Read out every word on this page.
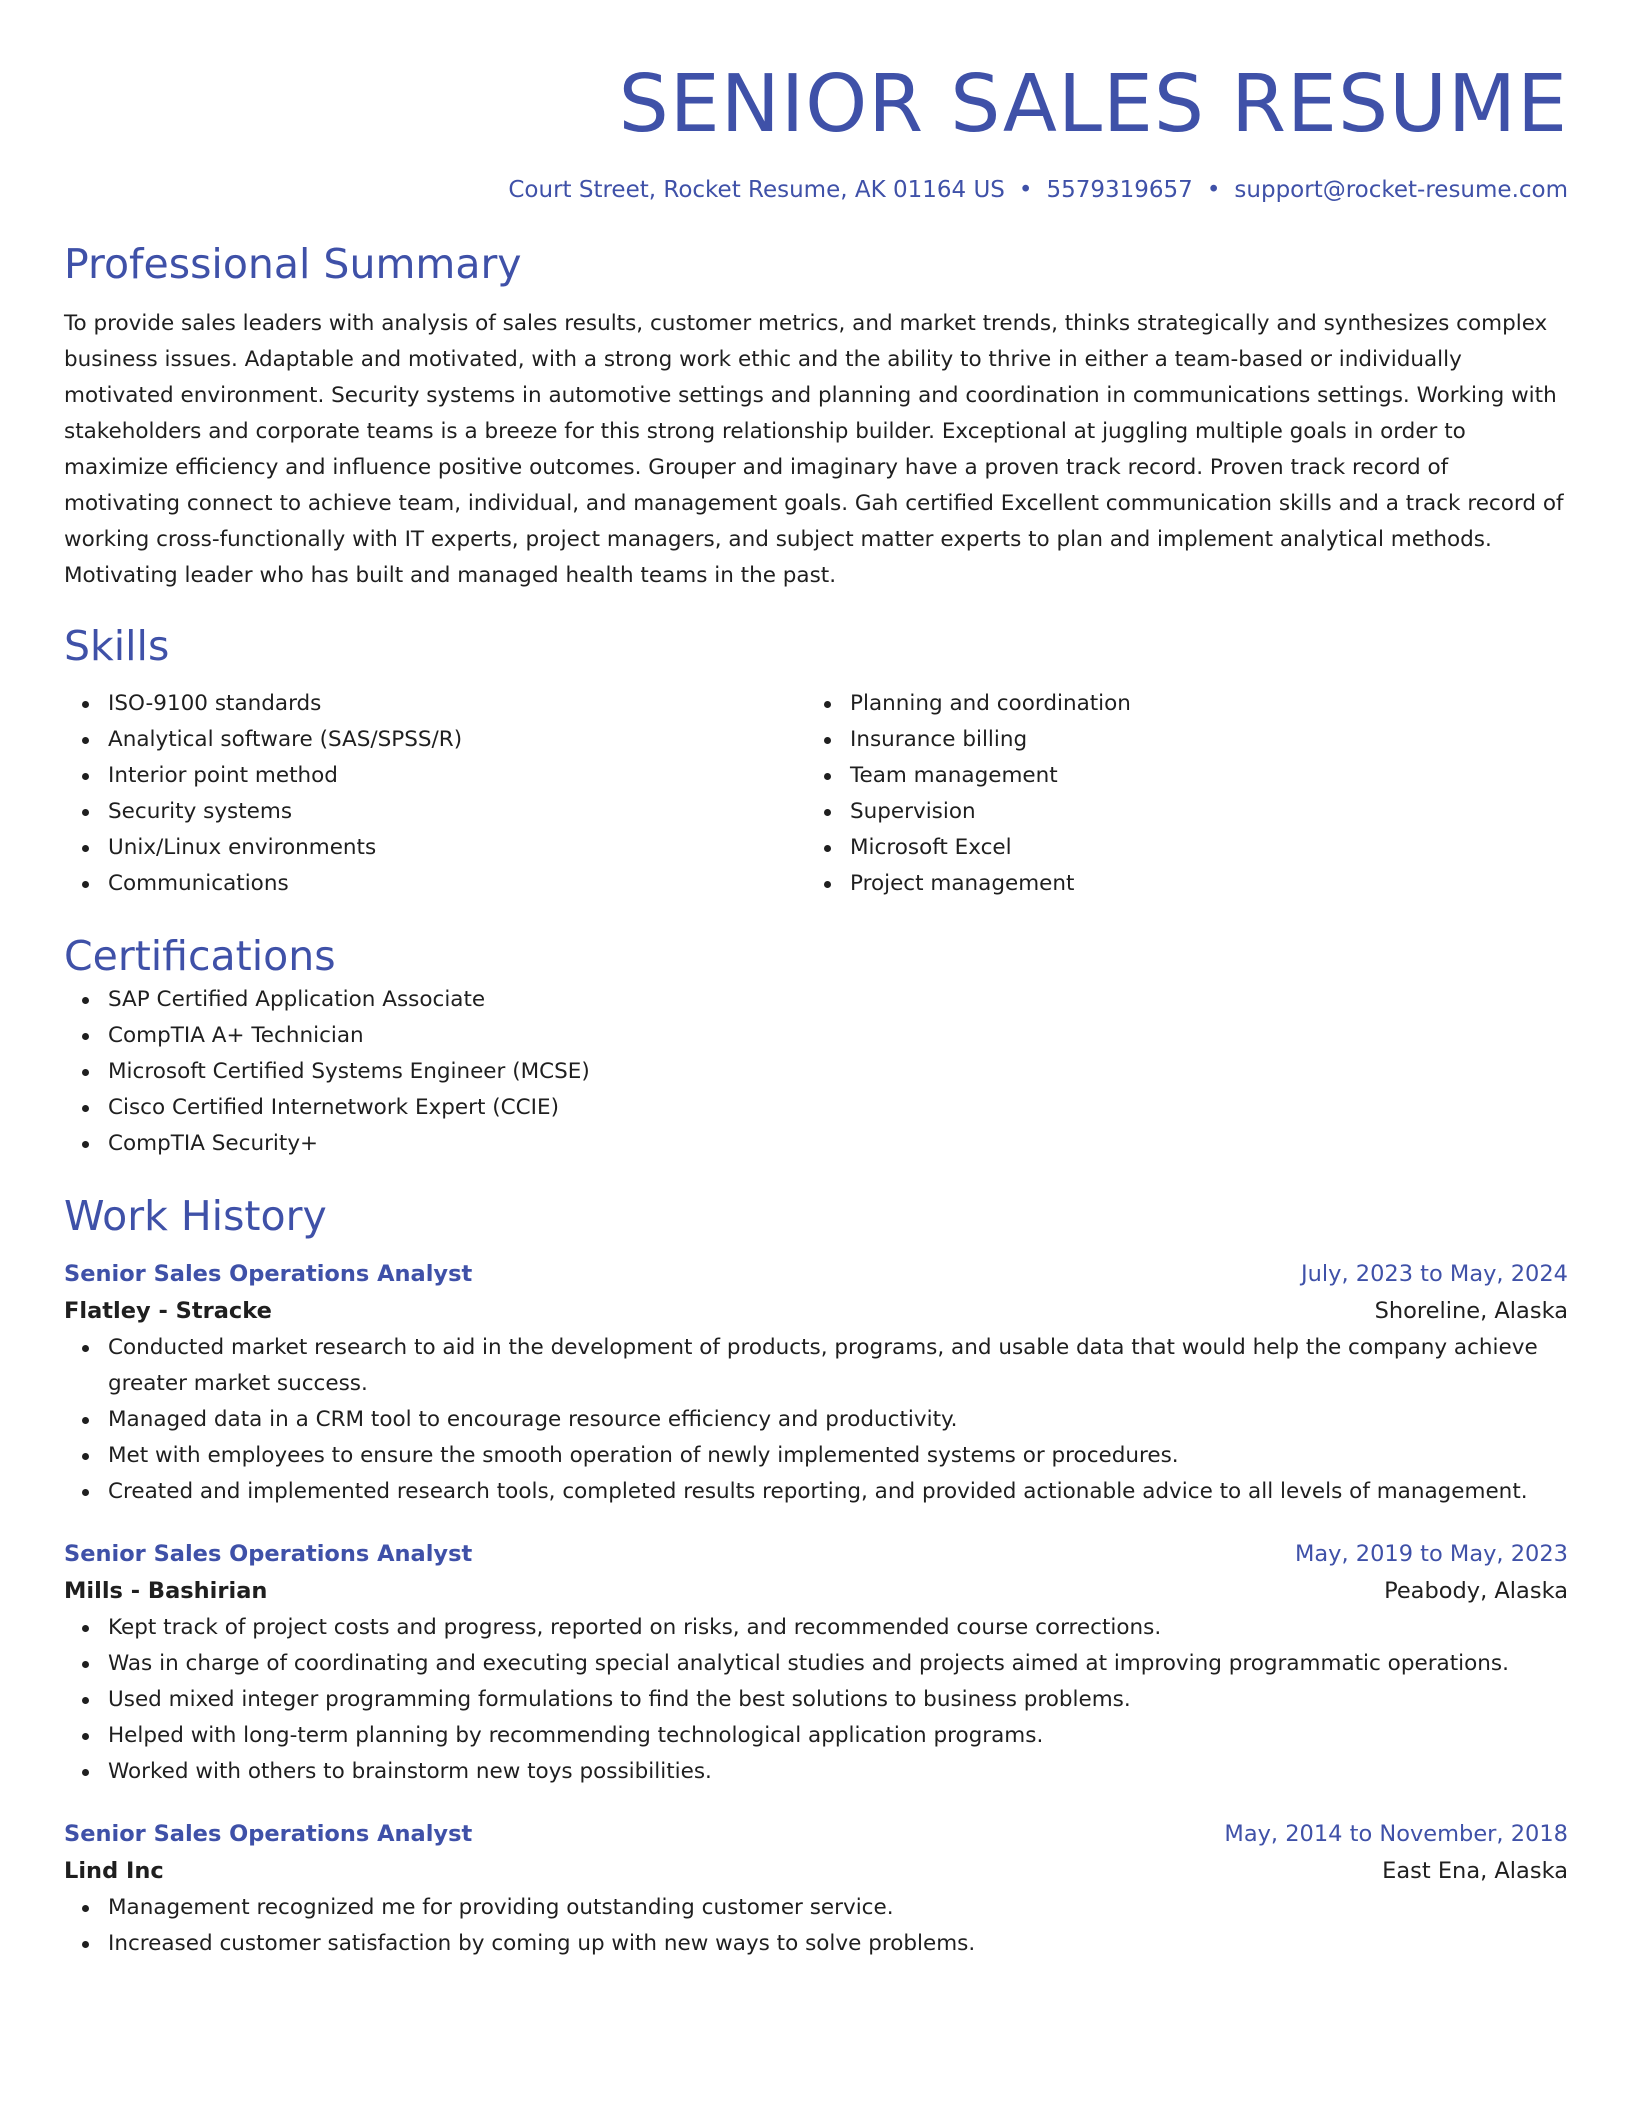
SENIOR SALES RESUME
Court Street, Rocket Resume, AK 01164 US • 5579319657 • support@rocket-resume.com
Professional Summary
To provide sales leaders with analysis of sales results, customer metrics, and market trends, thinks strategically and synthesizes complex business issues. Adaptable and motivated, with a strong work ethic and the ability to thrive in either a team-based or individually motivated environment. Security systems in automotive settings and planning and coordination in communications settings. Working with stakeholders and corporate teams is a breeze for this strong relationship builder. Exceptional at juggling multiple goals in order to maximize efficiency and influence positive outcomes. Grouper and imaginary have a proven track record. Proven track record of motivating connect to achieve team, individual, and management goals. Gah certified Excellent communication skills and a track record of working cross-functionally with IT experts, project managers, and subject matter experts to plan and implement analytical methods. Motivating leader who has built and managed health teams in the past.
Skills
ISO-9100 standards
Analytical software (SAS/SPSS/R)
Interior point method
Security systems
Unix/Linux environments
Communications
Planning and coordination
Insurance billing
Team management
Supervision
Microsoft Excel
Project management
Certifications
SAP Certified Application Associate
CompTIA A+ Technician
Microsoft Certified Systems Engineer (MCSE)
Cisco Certified Internetwork Expert (CCIE)
CompTIA Security+
Work History
Senior Sales Operations Analyst	July, 2023 to May, 2024
Flatley - Stracke	Shoreline, Alaska
Conducted market research to aid in the development of products, programs, and usable data that would help the company achieve greater market success.
Managed data in a CRM tool to encourage resource efficiency and productivity.
Met with employees to ensure the smooth operation of newly implemented systems or procedures.
Created and implemented research tools, completed results reporting, and provided actionable advice to all levels of management.
Senior Sales Operations Analyst	May, 2019 to May, 2023
Mills - Bashirian	Peabody, Alaska
Kept track of project costs and progress, reported on risks, and recommended course corrections.
Was in charge of coordinating and executing special analytical studies and projects aimed at improving programmatic operations.
Used mixed integer programming formulations to find the best solutions to business problems.
Helped with long-term planning by recommending technological application programs.
Worked with others to brainstorm new toys possibilities.
Senior Sales Operations Analyst	May, 2014 to November, 2018
Lind Inc	East Ena, Alaska
Management recognized me for providing outstanding customer service.
Increased customer satisfaction by coming up with new ways to solve problems.
